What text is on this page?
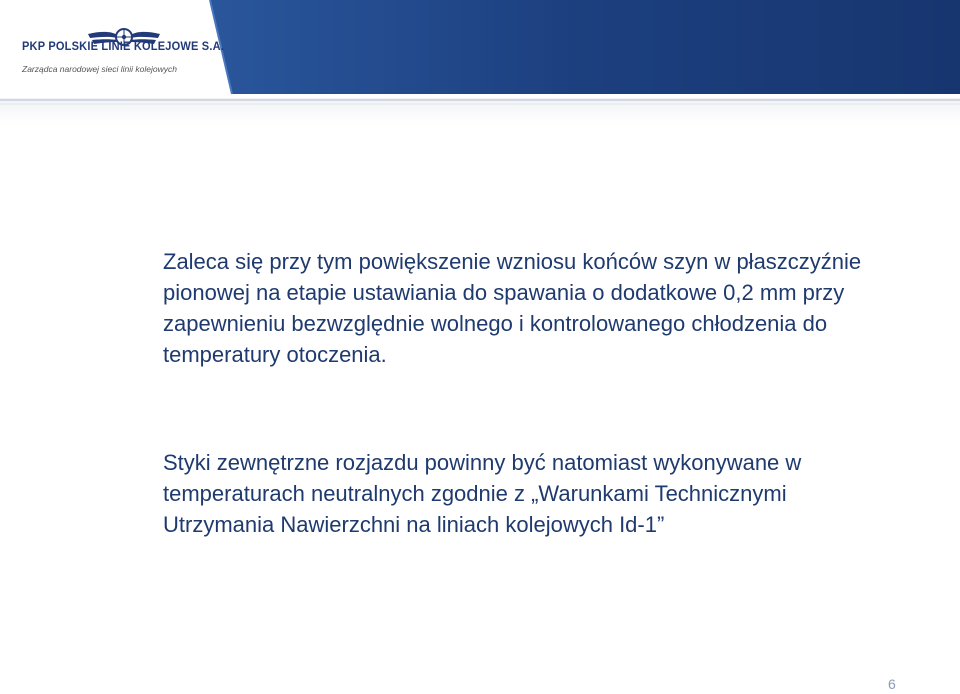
PKP POLSKIE LINIE KOLEJOWE S.A.
Zarządca narodowej sieci linii kolejowych

Zaleca się przy tym powiększenie wzniosu końców szyn w płaszczyźnie pionowej na etapie ustawiania do spawania o dodatkowe 0,2 mm przy zapewnieniu bezwzględnie wolnego i kontrolowanego chłodzenia do temperatury otoczenia.

Styki zewnętrzne rozjazdu powinny być natomiast wykonywane w temperaturach neutralnych zgodnie z „Warunkami Technicznymi Utrzymania Nawierzchni na liniach kolejowych Id-1”

6
